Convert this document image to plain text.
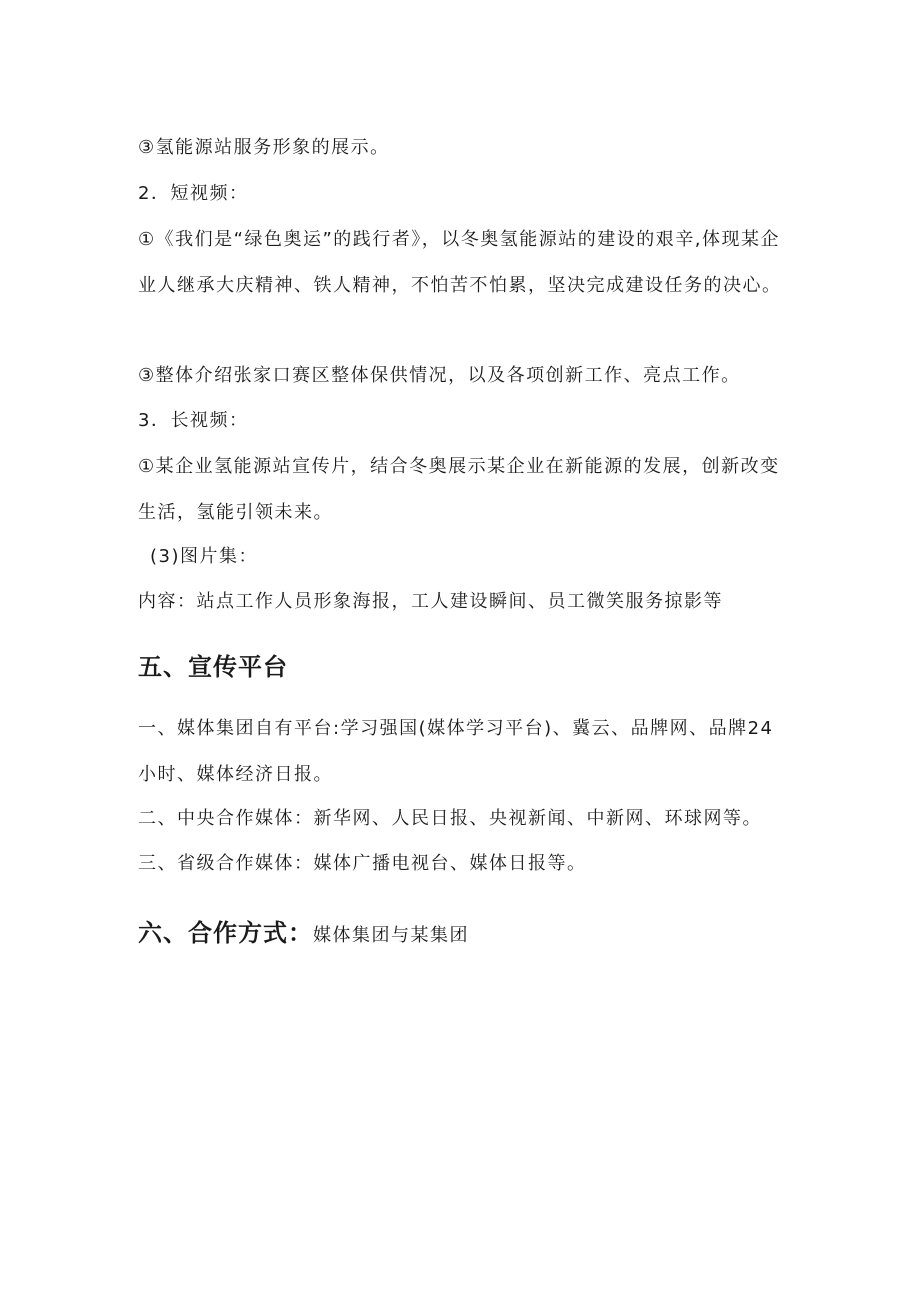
③氢能源站服务形象的展示。
2．短视频：
①《我们是“绿色奥运”的践行者》，以冬奥氢能源站的建设的艰辛,体现某企业人继承大庆精神、铁人精神，不怕苦不怕累，坚决完成建设任务的决心。
③整体介绍张家口赛区整体保供情况，以及各项创新工作、亮点工作。
3．长视频：
①某企业氢能源站宣传片，结合冬奥展示某企业在新能源的发展，创新改变生活，氢能引领未来。
(3)图片集：
内容：站点工作人员形象海报，工人建设瞬间、员工微笑服务掠影等
五、宣传平台
一、媒体集团自有平台:学习强国(媒体学习平台)、冀云、品牌网、品牌24小时、媒体经济日报。
二、中央合作媒体：新华网、人民日报、央视新闻、中新网、环球网等。
三、省级合作媒体：媒体广播电视台、媒体日报等。
六、合作方式：媒体集团与某集团
